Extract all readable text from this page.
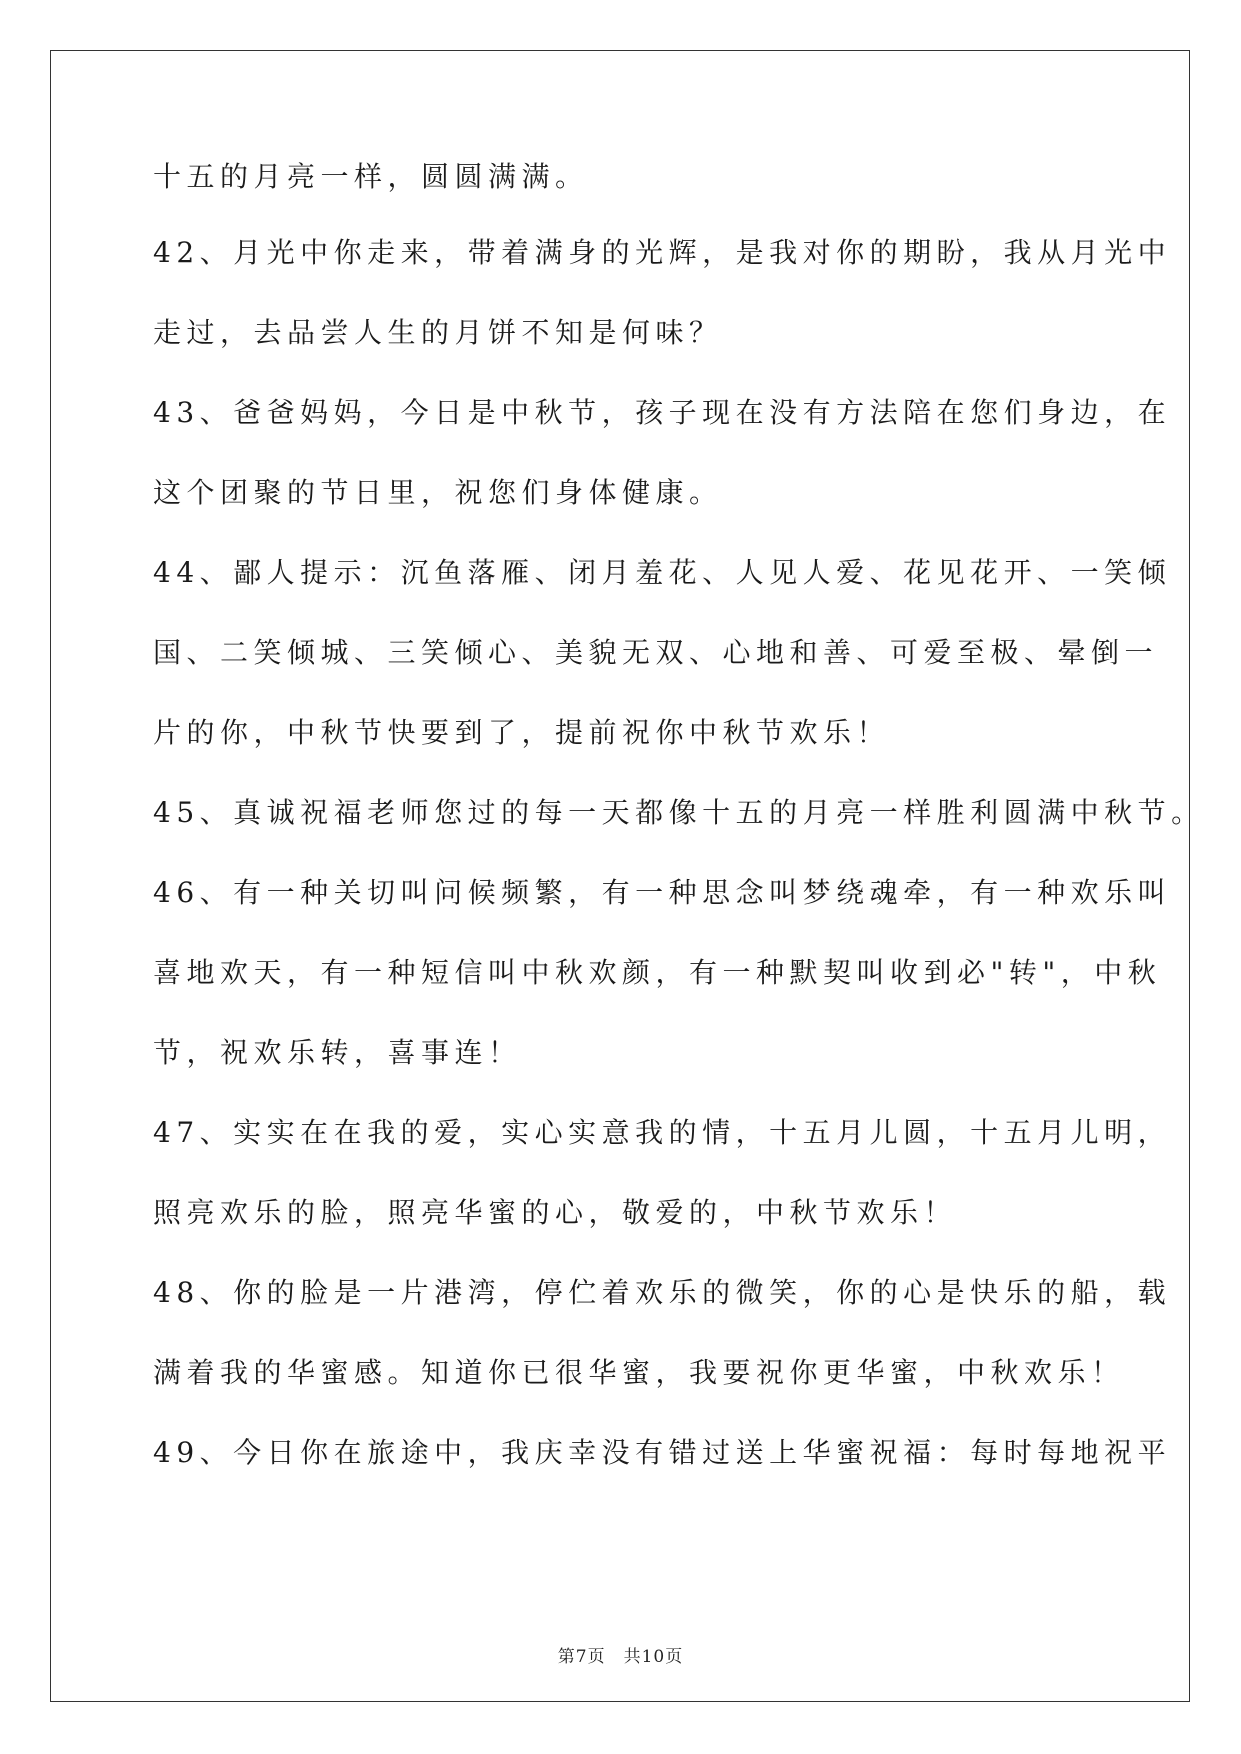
十五的月亮一样，圆圆满满。
42、月光中你走来，带着满身的光辉，是我对你的期盼，我从月光中
走过，去品尝人生的月饼不知是何味？
43、爸爸妈妈，今日是中秋节，孩子现在没有方法陪在您们身边，在
这个团聚的节日里，祝您们身体健康。
44、鄙人提示：沉鱼落雁、闭月羞花、人见人爱、花见花开、一笑倾
国、二笑倾城、三笑倾心、美貌无双、心地和善、可爱至极、晕倒一
片的你，中秋节快要到了，提前祝你中秋节欢乐！
45、真诚祝福老师您过的每一天都像十五的月亮一样胜利圆满中秋节。
46、有一种关切叫问候频繁，有一种思念叫梦绕魂牵，有一种欢乐叫
喜地欢天，有一种短信叫中秋欢颜，有一种默契叫收到必"转"，中秋
节，祝欢乐转，喜事连！
47、实实在在我的爱，实心实意我的情，十五月儿圆，十五月儿明，
照亮欢乐的脸，照亮华蜜的心，敬爱的，中秋节欢乐！
48、你的脸是一片港湾，停伫着欢乐的微笑，你的心是快乐的船，载
满着我的华蜜感。知道你已很华蜜，我要祝你更华蜜，中秋欢乐！
49、今日你在旅途中，我庆幸没有错过送上华蜜祝福：每时每地祝平
第7页 共10页
